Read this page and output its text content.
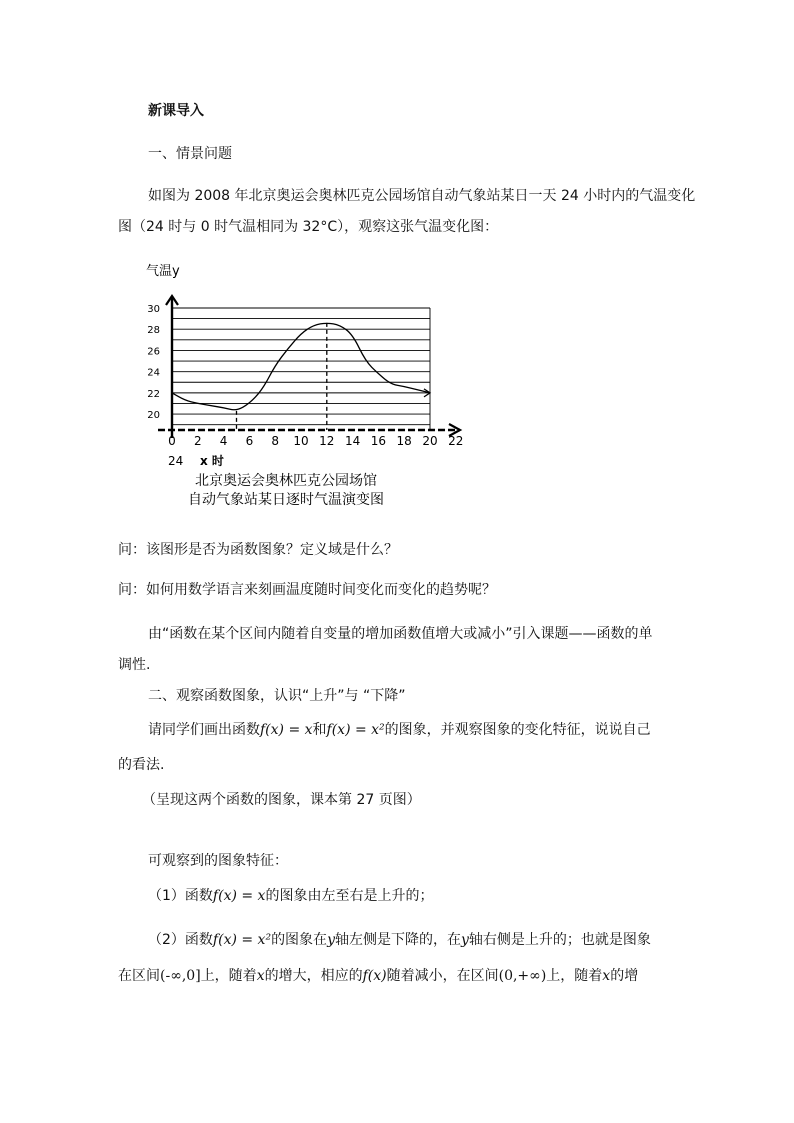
新课导入
一、情景问题
如图为 2008 年北京奥运会奥林匹克公园场馆自动气象站某日一天 24 小时内的气温变化
图（24 时与 0 时气温相同为 32°C），观察这张气温变化图：
气温y
20
22
24
26
28
30
0 2 4 6 8 10 12 14 16 18 20 22
24 x 时
北京奥运会奥林匹克公园场馆
自动气象站某日逐时气温演变图
问：该图形是否为函数图象？定义域是什么？
问：如何用数学语言来刻画温度随时间变化而变化的趋势呢？
由“函数在某个区间内随着自变量的增加函数值增大或减小”引入课题——函数的单
调性.
二、观察函数图象，认识“上升”与 “下降”
请同学们画出函数f(x) = x和f(x) = x²的图象，并观察图象的变化特征，说说自己
的看法.
（呈现这两个函数的图象，课本第 27 页图）
可观察到的图象特征：
（1）函数f(x) = x的图象由左至右是上升的；
（2）函数f(x) = x²的图象在y轴左侧是下降的，在y轴右侧是上升的；也就是图象
在区间(-∞,0]上，随着x的增大，相应的f(x)随着减小，在区间(0,+∞)上，随着x的增
